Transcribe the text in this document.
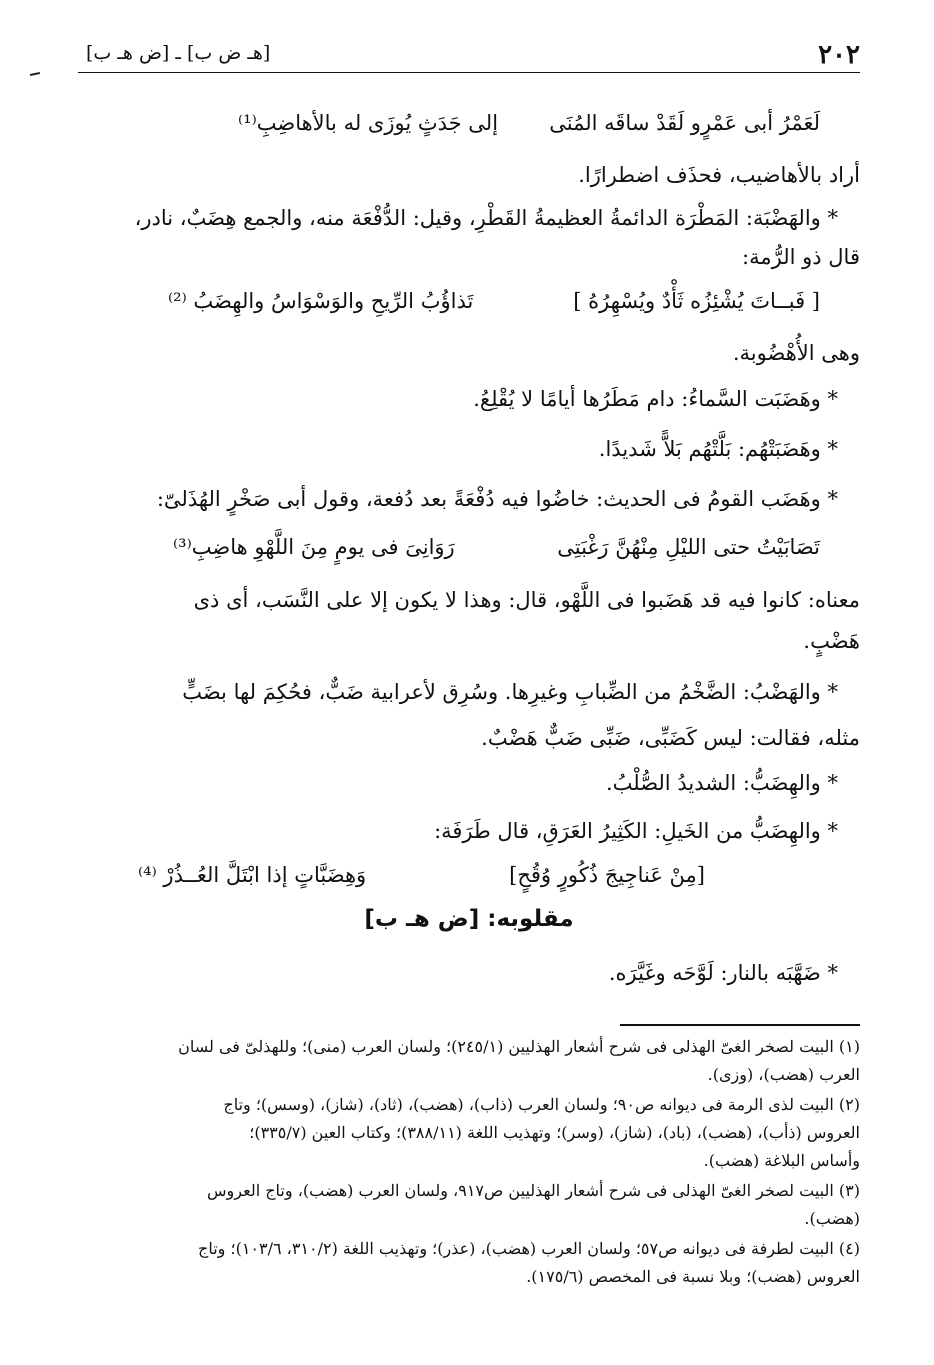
٢٠٢
[هـ ض ب] ـ [ض هـ ب]
لَعَمْرُ أبى عَمْرٍو لَقَدْ ساقَه المُنَى
إلى جَدَثٍ يُوزَى له بالأهاضِبِ⁽¹⁾
أراد بالأهاضيب، فحذَف اضطرارًا.
* والهَضْبَة: المَطْرَة الدائمةُ العظيمةُ القَطْرِ، وقيل: الدُّفْعَة منه، والجمع هِضَبٌ، نادر،
قال ذو الرُّمة:
[ فَبــاتَ يُشْئِزُه ثَأْدٌ ويُسْهِرُهُ ]
تَذاؤُبُ الرِّيحِ والوَسْوَاسُ والهِضَبُ ⁽²⁾
وهى الأُهْضُوبة.
* وهَضَبَت السَّماءُ: دام مَطَرُها أيامًا لا يُقْلِعُ.
* وهَضَبَتْهُم: بَلَّتْهُم بَلاًّ شَديدًا.
* وهَضَب القومُ فى الحديث: خاضُوا فيه دُفْعَةً بعد دُفعة، وقول أبى صَخْرٍ الهُذَلىّ:
تَصَابَيْتُ حتى الليْلِ مِنْهُنَّ رَغْبَتِى
رَوَانِىَ فى يومٍ مِنَ اللَّهْوِ هاضِبِ⁽³⁾
معناه: كانوا فيه قد هَضَبوا فى اللَّهْو، قال: وهذا لا يكون إلا على النَّسَب، أى ذى
هَضْبٍ.
* والهَضْبُ: الضَّخْمُ من الضِّبابِ وغيرِها. وسُرِق لأعرابية ضَبٌّ، فحُكِمَ لها بضَبٍّ
مثله، فقالت: ليس كَضَبِّى، ضَبِّى ضَبٌّ هَضْبٌ.
* والهِضَبُّ: الشديدُ الصُّلْبُ.
* والهِضَبُّ من الخَيلِ: الكَثِيرُ العَرَقِ، قال طَرَفَة:
[مِنْ عَناجِيجَ ذُكُورٍ وُقُحٍ]
وَهِضَبَّاتٍ إذا ابْتَلَّ العُــذُرْ ⁽⁴⁾
مقلوبه: [ض هـ ب]
* ضَهَّبَه بالنار: لَوَّحَه وغَيَّرَه.
(١) البيت لصخر الغىّ الهذلى فى شرح أشعار الهذليين (٢٤٥/١)؛ ولسان العرب (منى)؛ وللهذلىّ فى لسان
العرب (هضب)، (وزى).
(٢) البيت لذى الرمة فى ديوانه ص٩٠؛ ولسان العرب (ذاب)، (هضب)، (ثاد)، (شاز)، (وسس)؛ وتاج
العروس (ذأب)، (هضب)، (باد)، (شاز)، (وسر)؛ وتهذيب اللغة (٣٨٨/١١)؛ وكتاب العين (٣٣٥/٧)؛
وأساس البلاغة (هضب).
(٣) البيت لصخر الغىّ الهذلى فى شرح أشعار الهذليين ص٩١٧، ولسان العرب (هضب)، وتاج العروس
(هضب).
(٤) البيت لطرفة فى ديوانه ص٥٧؛ ولسان العرب (هضب)، (عذر)؛ وتهذيب اللغة (٣١٠/٢، ١٠٣/٦)؛ وتاج
العروس (هضب)؛ وبلا نسبة فى المخصص (١٧٥/٦).
